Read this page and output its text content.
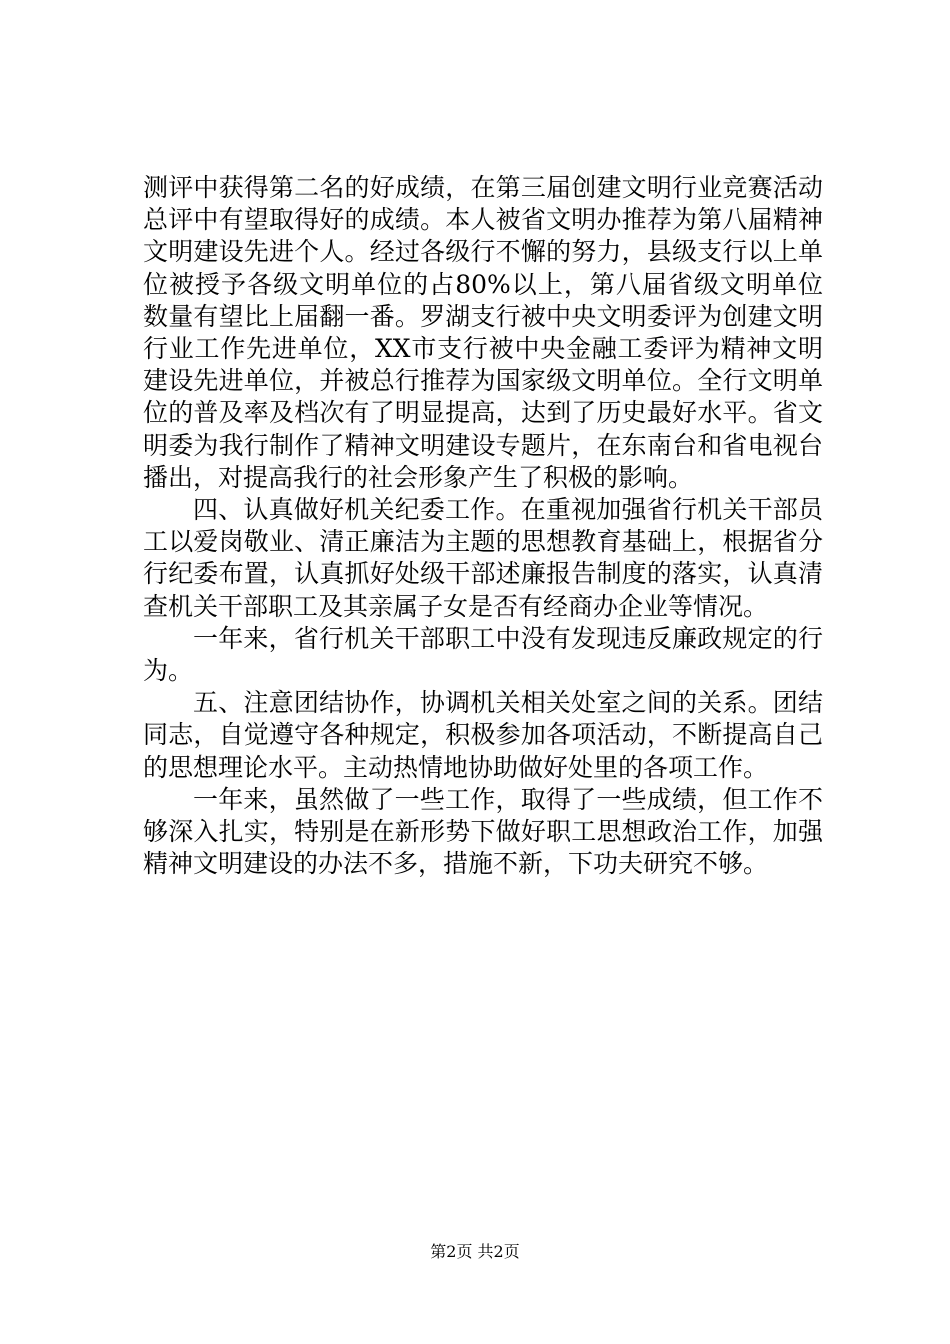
测评中获得第二名的好成绩，在第三届创建文明行业竞赛活动总评中有望取得好的成绩。本人被省文明办推荐为第八届精神文明建设先进个人。经过各级行不懈的努力，县级支行以上单位被授予各级文明单位的占80%以上，第八届省级文明单位数量有望比上届翻一番。罗湖支行被中央文明委评为创建文明行业工作先进单位，XX市支行被中央金融工委评为精神文明建设先进单位，并被总行推荐为国家级文明单位。全行文明单位的普及率及档次有了明显提高，达到了历史最好水平。省文明委为我行制作了精神文明建设专题片，在东南台和省电视台播出，对提高我行的社会形象产生了积极的影响。

四、认真做好机关纪委工作。在重视加强省行机关干部员工以爱岗敬业、清正廉洁为主题的思想教育基础上，根据省分行纪委布置，认真抓好处级干部述廉报告制度的落实，认真清查机关干部职工及其亲属子女是否有经商办企业等情况。

一年来，省行机关干部职工中没有发现违反廉政规定的行为。

五、注意团结协作，协调机关相关处室之间的关系。团结同志，自觉遵守各种规定，积极参加各项活动，不断提高自己的思想理论水平。主动热情地协助做好处里的各项工作。

一年来，虽然做了一些工作，取得了一些成绩，但工作不够深入扎实，特别是在新形势下做好职工思想政治工作，加强精神文明建设的办法不多，措施不新，下功夫研究不够。

第2页 共2页
